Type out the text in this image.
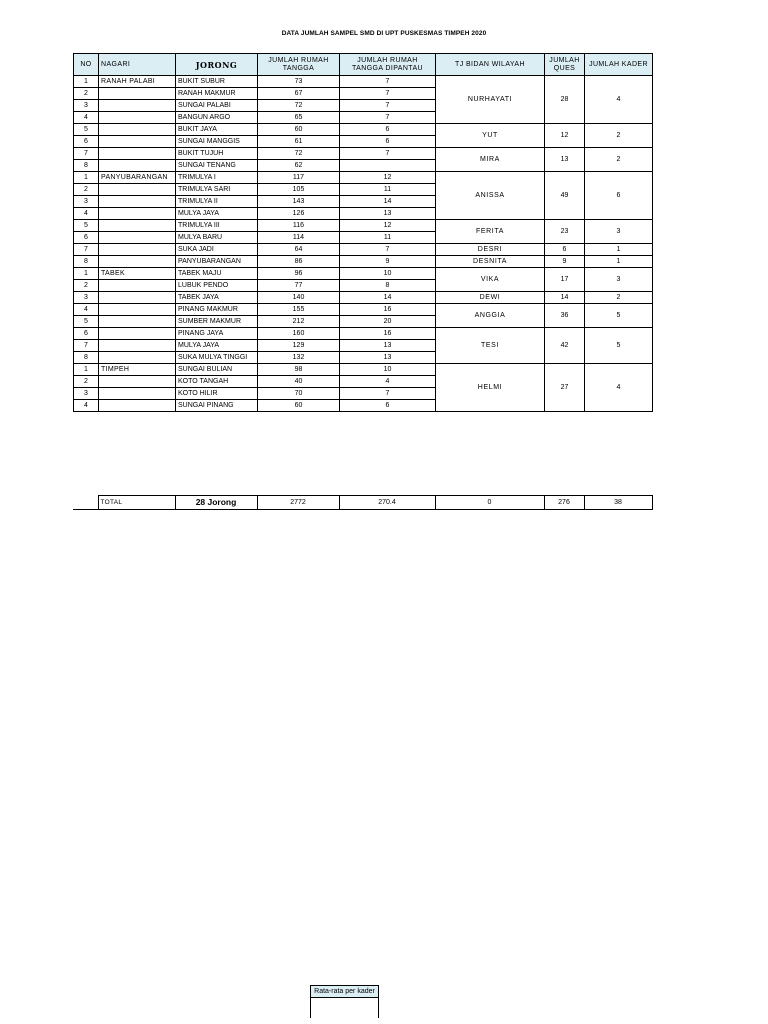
DATA JUMLAH SAMPEL SMD DI UPT PUSKESMAS TIMPEH 2020
NO	NAGARI	JORONG	JUMLAH RUMAH TANGGA	JUMLAH RUMAH TANGGA DIPANTAU	TJ BIDAN WILAYAH	JUMLAH QUES	JUMLAH KADER
1	RANAH PALABI	BUKIT SUBUR	73	7	NURHAYATI	28	4
2		RANAH MAKMUR	67	7			
3		SUNGAI PALABI	72	7			
4		BANGUN ARGO	65	7			
5		BUKIT JAYA	60	6	YUT	12	2
6		SUNGAI MANGGIS	61	6			
7		BUKIT TUJUH	72	7	MIRA	13	2
8		SUNGAI TENANG	62				
1	PANYUBARANGAN	TRIMULYA I	117	12	ANISSA	49	6
2		TRIMULYA SARI	105	11			
3		TRIMULYA II	143	14			
4		MULYA JAYA	126	13			
5		TRIMULYA III	116	12	FERITA	23	3
6		MULYA BARU	114	11			
7		SUKA JADI	64	7	DESRI	6	1
8		PANYUBARANGAN	86	9	DESNITA	9	1
1	TABEK	TABEK MAJU	96	10	VIKA	17	3
2		LUBUK PENDO	77	8			
3		TABEK JAYA	140	14	DEWI	14	2
4		PINANG MAKMUR	155	16	ANGGIA	36	5
5		SUMBER MAKMUR	212	20			
6		PINANG JAYA	160	16	TESI	42	5
7		MULYA JAYA	129	13			
8		SUKA MULYA TINGGI	132	13			
1	TIMPEH	SUNGAI BULIAN	98	10	HELMI	27	4
2		KOTO TANGAH	40	4			
3		KOTO HILIR	70	7			
4		SUNGAI PINANG	60	6			
	TOTAL	28 Jorong	2772	270.4	0	276	38
Rata-rata per kader
